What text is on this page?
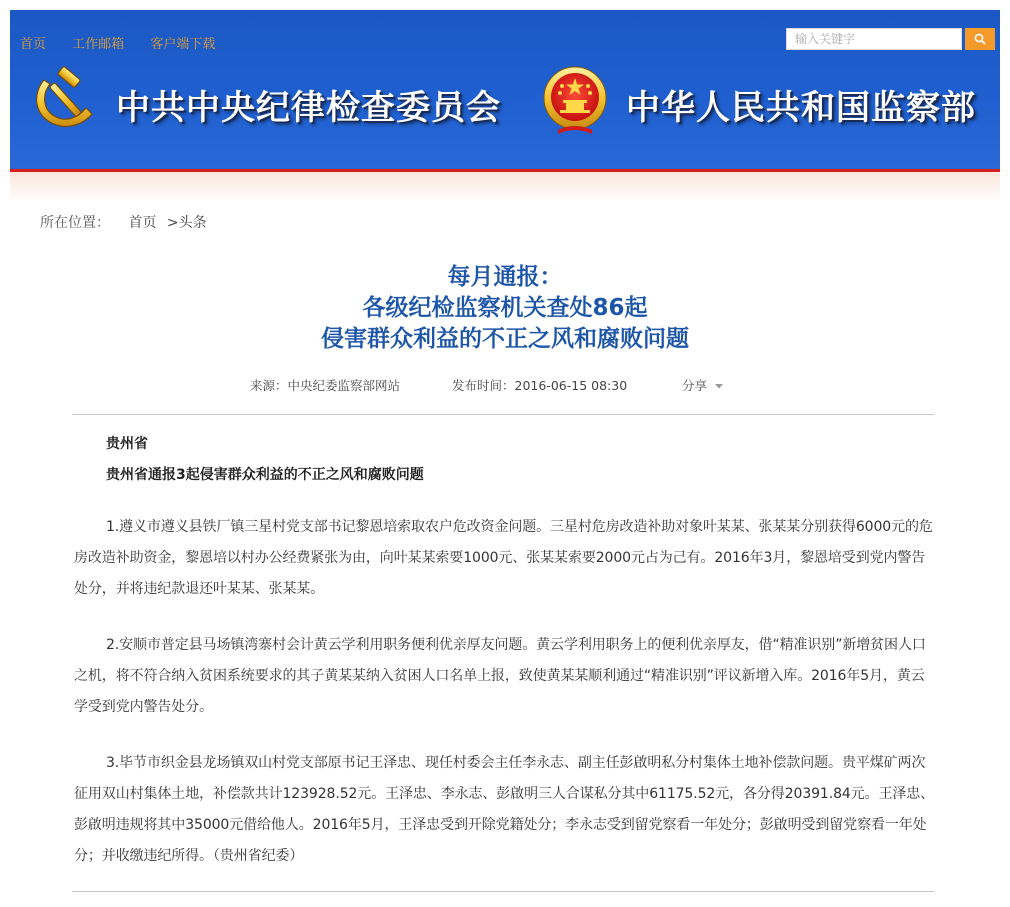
首页 工作邮箱 客户端下载
输入关键字
中共中央纪律检查委员会	中华人民共和国监察部
所在位置： 首页 >头条
每月通报：
各级纪检监察机关查处86起
侵害群众利益的不正之风和腐败问题
来源：中央纪委监察部网站	发布时间：2016-06-15 08:30	分享
贵州省
贵州省通报3起侵害群众利益的不正之风和腐败问题

1.遵义市遵义县铁厂镇三星村党支部书记黎恩培索取农户危改资金问题。三星村危房改造补助对象叶某某、张某某分别获得6000元的危房改造补助资金，黎恩培以村办公经费紧张为由，向叶某某索要1000元、张某某索要2000元占为己有。2016年3月，黎恩培受到党内警告处分，并将违纪款退还叶某某、张某某。

2.安顺市普定县马场镇湾寨村会计黄云学利用职务便利优亲厚友问题。黄云学利用职务上的便利优亲厚友，借“精准识别”新增贫困人口之机，将不符合纳入贫困系统要求的其子黄某某纳入贫困人口名单上报，致使黄某某顺利通过“精准识别”评议新增入库。2016年5月，黄云学受到党内警告处分。

3.毕节市织金县龙场镇双山村党支部原书记王泽忠、现任村委会主任李永志、副主任彭啟明私分村集体土地补偿款问题。贵平煤矿两次征用双山村集体土地，补偿款共计123928.52元。王泽忠、李永志、彭啟明三人合谋私分其中61175.52元，各分得20391.84元。王泽忠、彭啟明违规将其中35000元借给他人。2016年5月，王泽忠受到开除党籍处分；李永志受到留党察看一年处分；彭啟明受到留党察看一年处分；并收缴违纪所得。（贵州省纪委）
